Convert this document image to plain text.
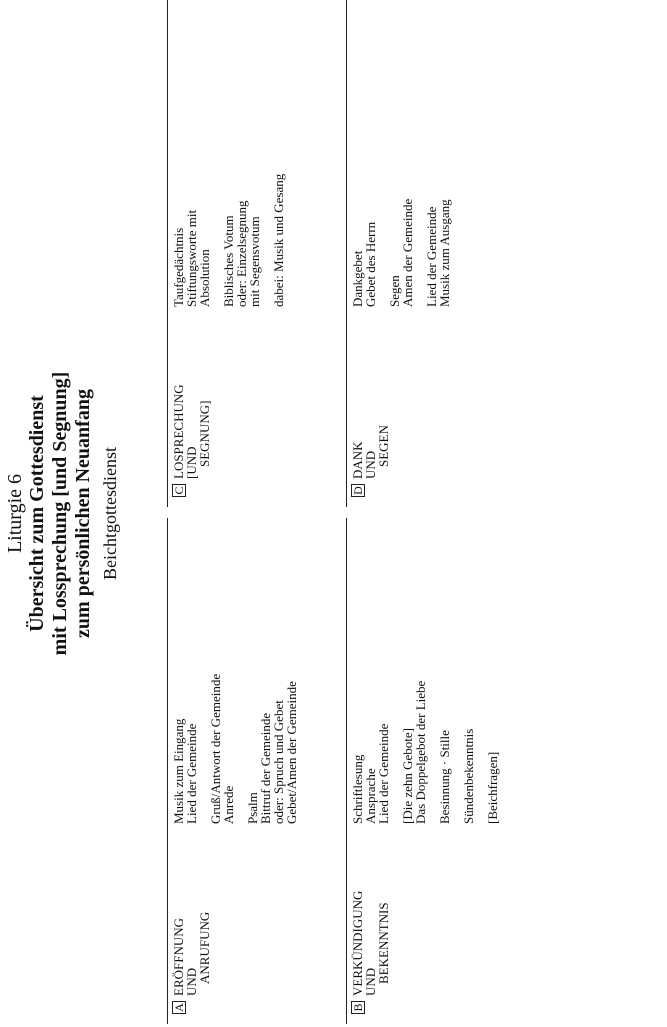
Liturgie 6 Übersicht zum Gottesdienst mit Lossprechung [und Segnung] zum persönlichen Neuanfang Beichtgottesdienst
A
ERÖFFNUNG
UND
ANRUFUNG
Musik zum Eingang
Lied der Gemeinde Gruß/Antwort der Gemeinde
Anrede Psalm
Bittruf der Gemeinde
oder: Spruch und Gebet
Gebet/Amen der Gemeinde
B
VERKÜNDIGUNG
UND
BEKENNTNIS
Schriftlesung
Ansprache
Lied der Gemeinde [Die zehn Gebote]
Das Doppelgebot der Liebe Besinnung · Stille Sündenbekenntnis [Beichfragen]
C
LOSPRECHUNG
[UND
SEGNUNG]
Taufgedächtnis
Stiftungsworte mit
Absolution Biblisches Votum
oder: Einzelsegnung
mit Segensvotum dabei: Musik und Gesang
D
DANK
UND
SEGEN
Dankgebet
Gebet des Herrn Segen
Amen der Gemeinde Lied der Gemeinde
Musik zum Ausgang
